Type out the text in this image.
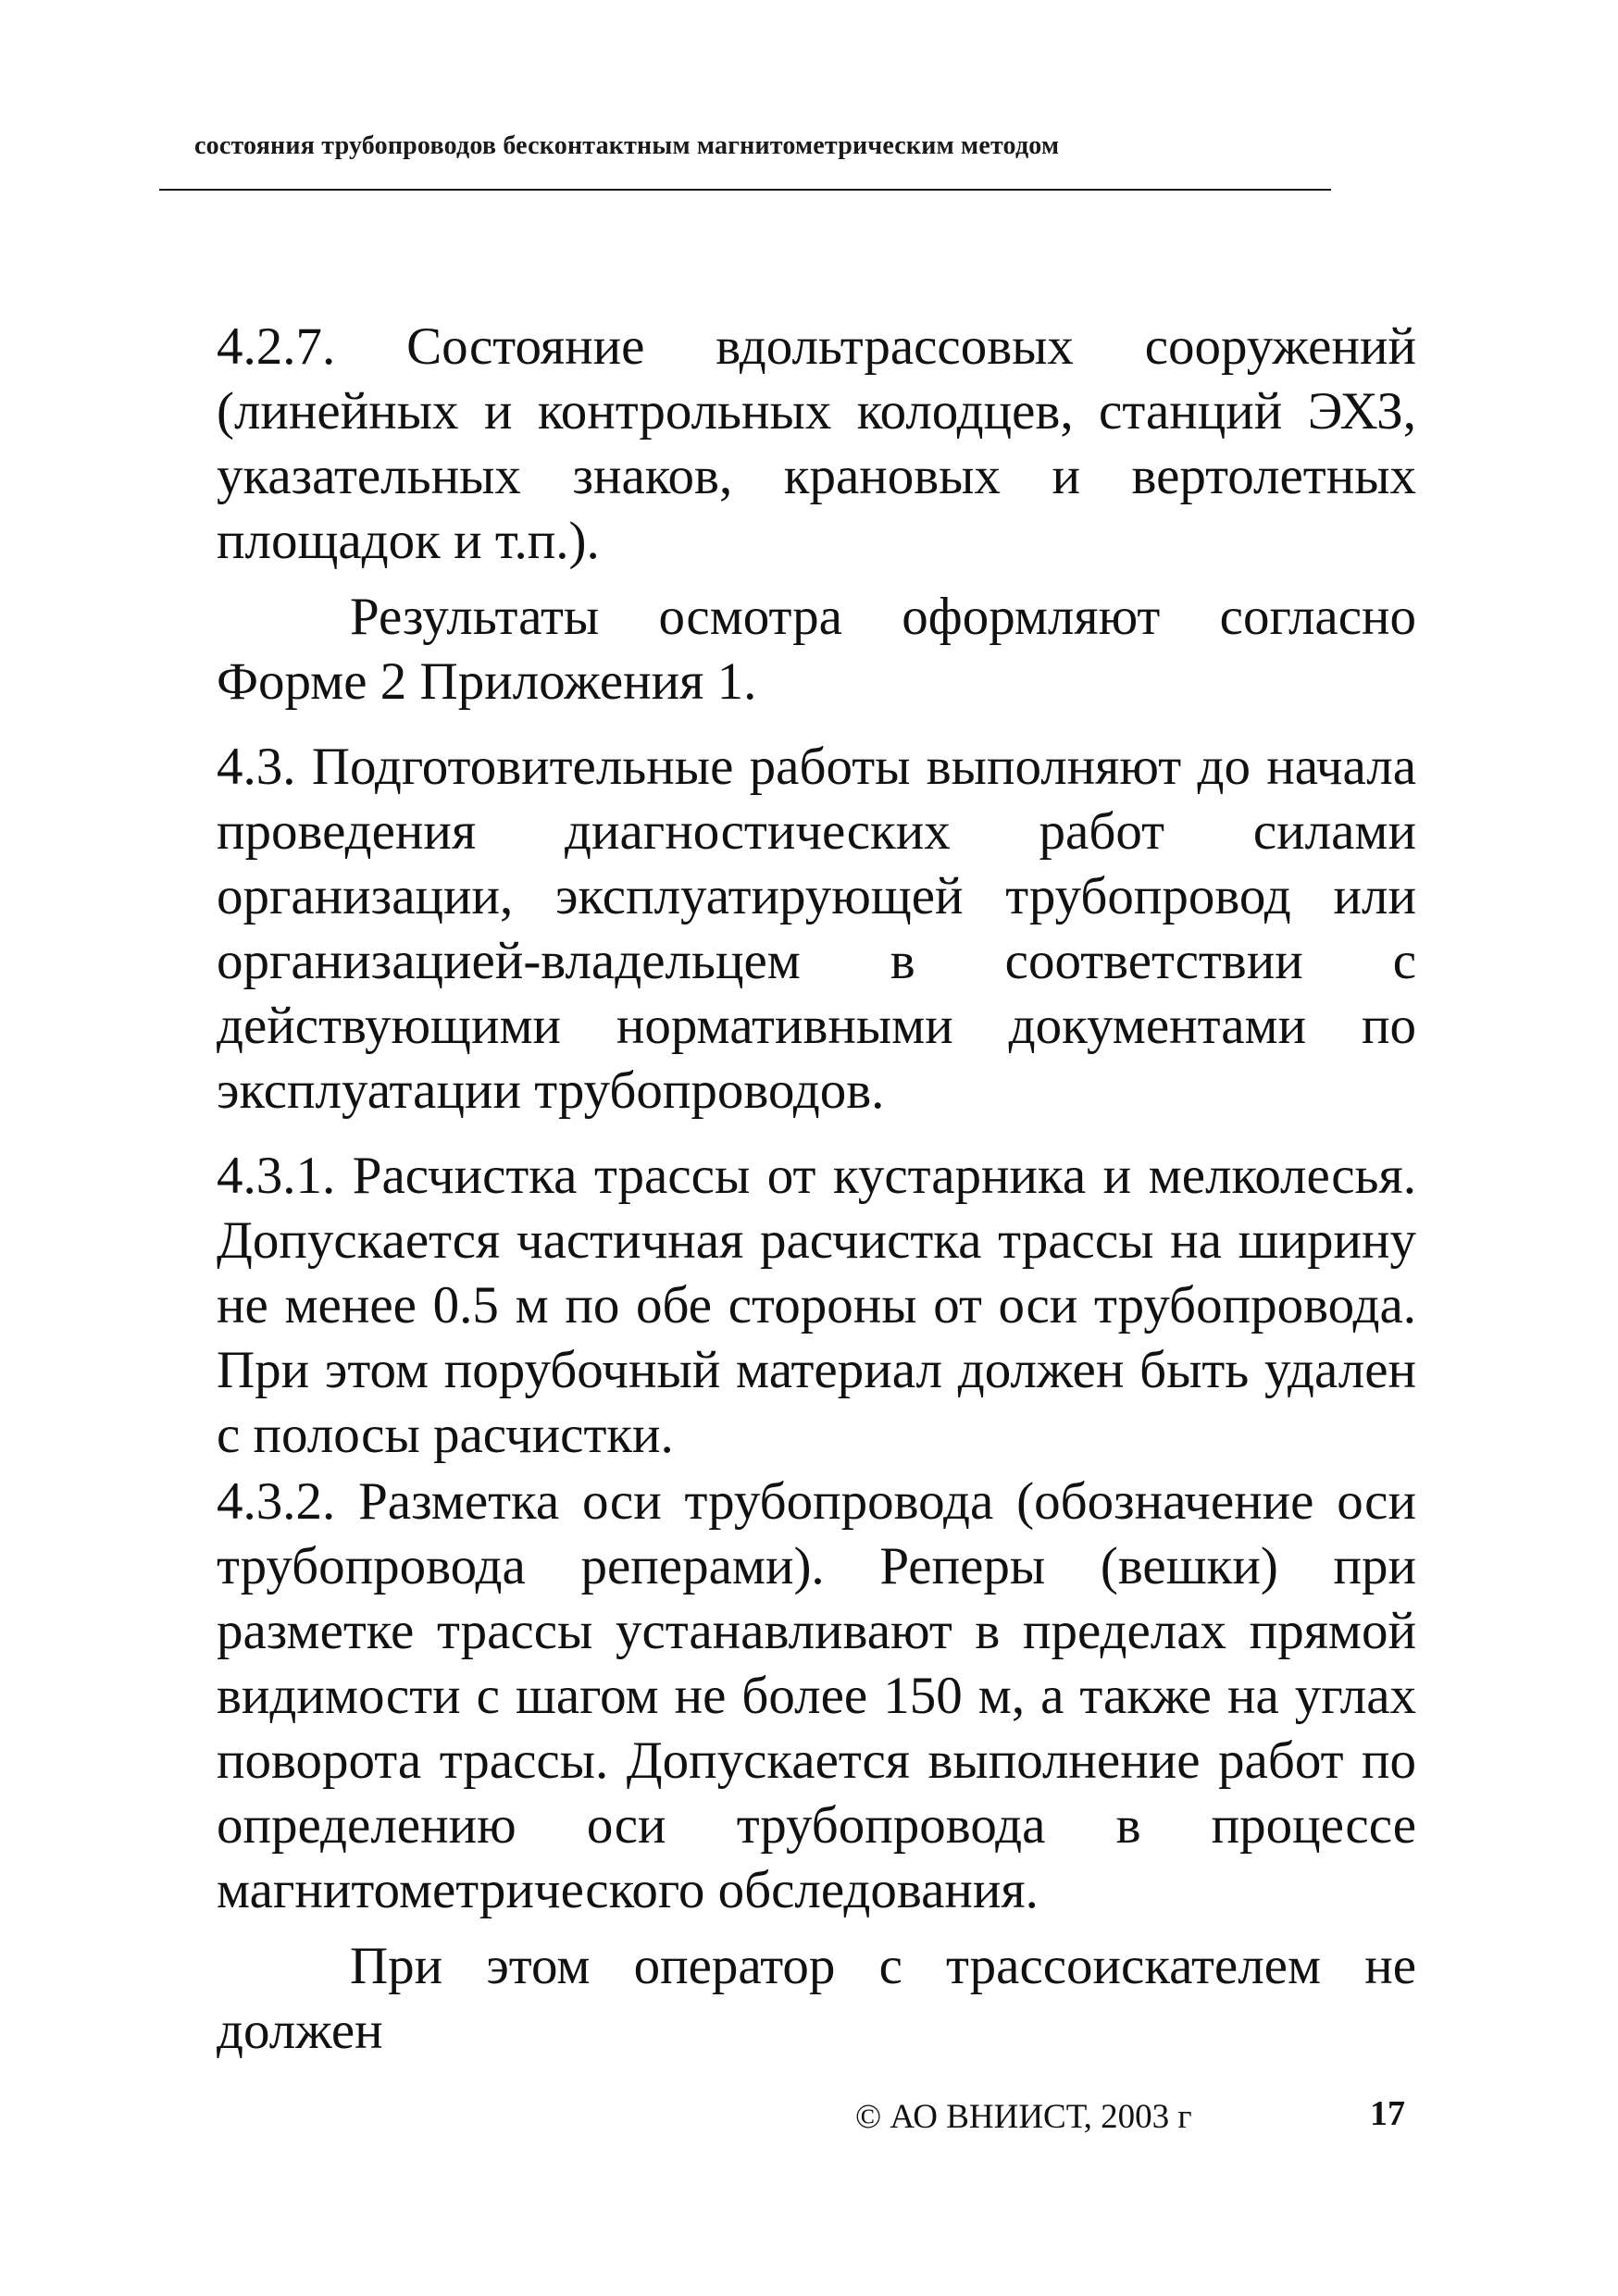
состояния трубопроводов бесконтактным магнитометрическим методом

4.2.7. Состояние вдольтрассовых сооружений (линейных и контрольных колодцев, станций ЭХЗ, указательных знаков, крановых и вертолетных площадок и т.п.).

Результаты осмотра оформляют согласно Форме 2 Приложения 1.

4.3. Подготовительные работы выполняют до начала проведения диагностических работ силами организации, эксплуатирующей трубопровод или организацией-владельцем в соответствии с действующими нормативными документами по эксплуатации трубопроводов.

4.3.1. Расчистка трассы от кустарника и мелколесья. Допускается частичная расчистка трассы на ширину не менее 0.5 м по обе стороны от оси трубопровода. При этом порубочный материал должен быть удален с полосы расчистки.

4.3.2. Разметка оси трубопровода (обозначение оси трубопровода реперами). Реперы (вешки) при разметке трассы устанавливают в пределах прямой видимости с шагом не более 150 м, а также на углах поворота трассы. Допускается выполнение работ по определению оси трубопровода в процессе магнитометрического обследования.

При этом оператор с трассоискателем не должен

© АО ВНИИСТ, 2003 г	17
